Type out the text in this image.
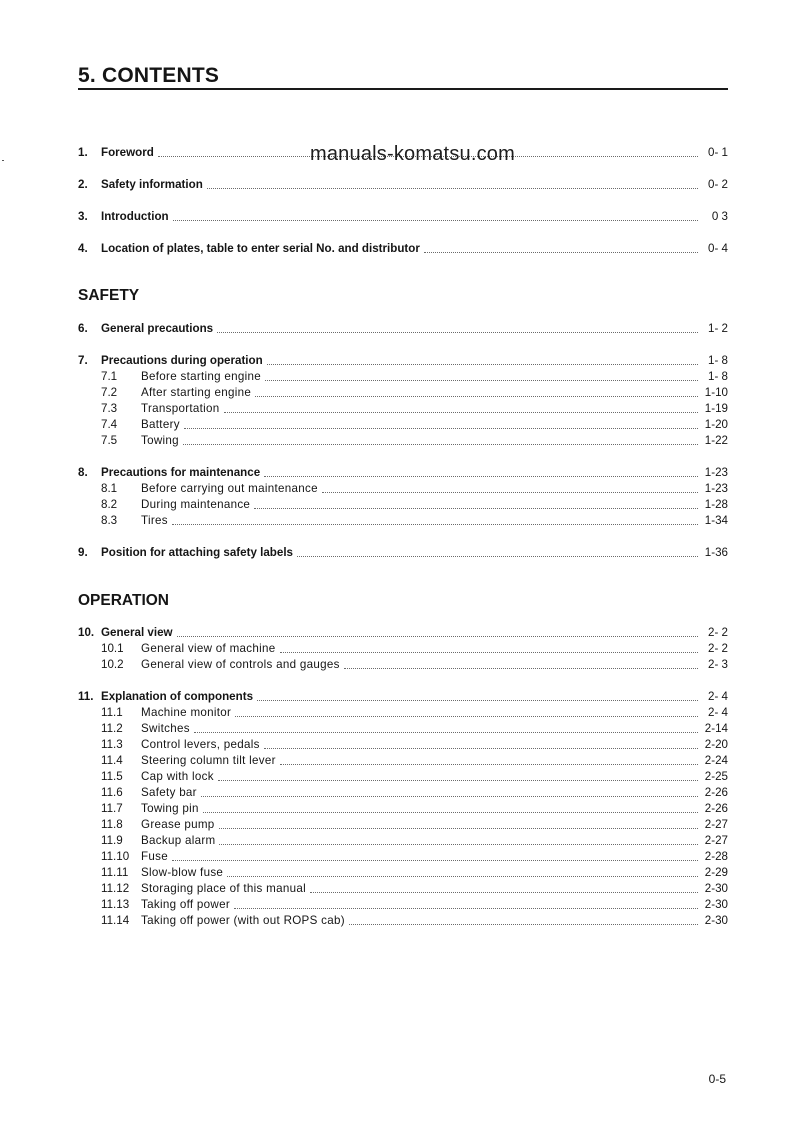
5. CONTENTS
1.	Foreword	0- 1
2.	Safety information	0- 2
3.	Introduction	0 3
4.	Location of plates, table to enter serial No. and distributor	0- 4
manuals-komatsu.com
SAFETY
6.	General precautions	1- 2
7.	Precautions during operation	1- 8
7.1	Before starting engine	1- 8
7.2	After starting engine	1-10
7.3	Transportation	1-19
7.4	Battery	1-20
7.5	Towing	1-22
8.	Precautions for maintenance	1-23
8.1	Before carrying out maintenance	1-23
8.2	During maintenance	1-28
8.3	Tires	1-34
9.	Position for attaching safety labels	1-36
OPERATION
10. General view	2- 2
10.1	General view of machine	2- 2
10.2	General view of controls and gauges	2- 3
11. Explanation of components	2- 4
11.1	Machine monitor	2- 4
11.2	Switches	2-14
11.3	Control levers, pedals	2-20
11.4	Steering column tilt lever	2-24
11.5	Cap with lock	2-25
11.6	Safety bar	2-26
11.7	Towing pin	2-26
11.8	Grease pump	2-27
11.9	Backup alarm	2-27
11.10	Fuse	2-28
11.11	Slow-blow fuse	2-29
11.12	Storaging place of this manual	2-30
11.13	Taking off power	2-30
11.14	Taking off power (with out ROPS cab)	2-30
0-5
